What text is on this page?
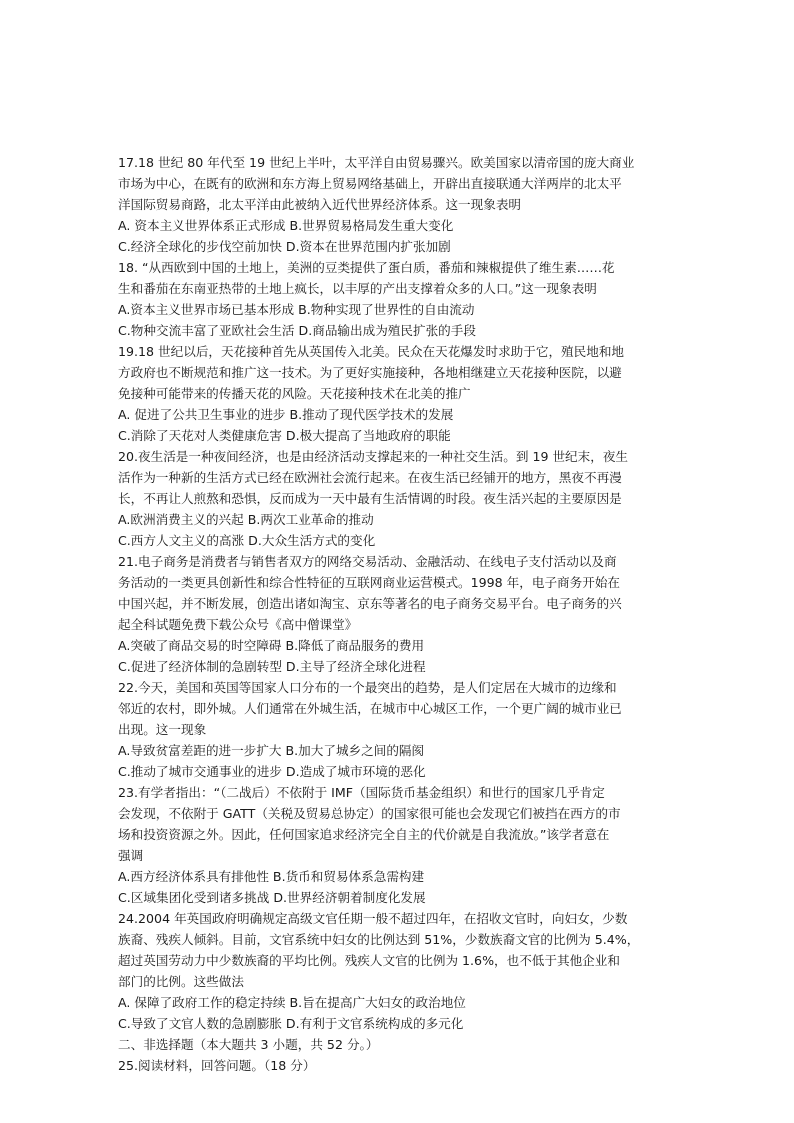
17.18 世纪 80 年代至 19 世纪上半叶，太平洋自由贸易骤兴。欧美国家以清帝国的庞大商业
市场为中心，在既有的欧洲和东方海上贸易网络基础上，开辟出直接联通大洋两岸的北太平
洋国际贸易商路，北太平洋由此被纳入近代世界经济体系。这一现象表明
A. 资本主义世界体系正式形成 B.世界贸易格局发生重大变化
C.经济全球化的步伐空前加快 D.资本在世界范围内扩张加剧
18. “从西欧到中国的土地上，美洲的豆类提供了蛋白质，番茄和辣椒提供了维生素……花
生和番茄在东南亚热带的土地上疯长，以丰厚的产出支撑着众多的人口。”这一现象表明
A.资本主义世界市场已基本形成 B.物种实现了世界性的自由流动
C.物种交流丰富了亚欧社会生活 D.商品输出成为殖民扩张的手段
19.18 世纪以后，天花接种首先从英国传入北美。民众在天花爆发时求助于它，殖民地和地
方政府也不断规范和推广这一技术。为了更好实施接种，各地相继建立天花接种医院，以避
免接种可能带来的传播天花的风险。天花接种技术在北美的推广
A. 促进了公共卫生事业的进步 B.推动了现代医学技术的发展
C.消除了天花对人类健康危害 D.极大提高了当地政府的职能
20.夜生活是一种夜间经济，也是由经济活动支撑起来的一种社交生活。到 19 世纪末，夜生
活作为一种新的生活方式已经在欧洲社会流行起来。在夜生活已经铺开的地方，黑夜不再漫
长，不再让人煎熬和恐惧，反而成为一天中最有生活情调的时段。夜生活兴起的主要原因是
A.欧洲消费主义的兴起 B.两次工业革命的推动
C.西方人文主义的高涨 D.大众生活方式的变化
21.电子商务是消费者与销售者双方的网络交易活动、金融活动、在线电子支付活动以及商
务活动的一类更具创新性和综合性特征的互联网商业运营模式。1998 年，电子商务开始在
中国兴起，并不断发展，创造出诸如淘宝、京东等著名的电子商务交易平台。电子商务的兴
起全科试题免费下载公众号《高中僧课堂》
A.突破了商品交易的时空障碍 B.降低了商品服务的费用
C.促进了经济体制的急剧转型 D.主导了经济全球化进程
22.今天，美国和英国等国家人口分布的一个最突出的趋势，是人们定居在大城市的边缘和
邻近的农村，即外城。人们通常在外城生活，在城市中心城区工作，一个更广阔的城市业已
出现。这一现象
A.导致贫富差距的进一步扩大 B.加大了城乡之间的隔阂
C.推动了城市交通事业的进步 D.造成了城市环境的恶化
23.有学者指出：“（二战后）不依附于 IMF（国际货币基金组织）和世行的国家几乎肯定
会发现，不依附于 GATT（关税及贸易总协定）的国家很可能也会发现它们被挡在西方的市
场和投资资源之外。因此，任何国家追求经济完全自主的代价就是自我流放。”该学者意在
强调
A.西方经济体系具有排他性 B.货币和贸易体系急需构建
C.区域集团化受到诸多挑战 D.世界经济朝着制度化发展
24.2004 年英国政府明确规定高级文官任期一般不超过四年，在招收文官时，向妇女，少数
族裔、残疾人倾斜。目前，文官系统中妇女的比例达到 51%，少数族裔文官的比例为 5.4%，
超过英国劳动力中少数族裔的平均比例。残疾人文官的比例为 1.6%，也不低于其他企业和
部门的比例。这些做法
A. 保障了政府工作的稳定持续 B.旨在提高广大妇女的政治地位
C.导致了文官人数的急剧膨胀 D.有利于文官系统构成的多元化
二、非选择题（本大题共 3 小题，共 52 分。）
25.阅读材料，回答问题。（18 分）
